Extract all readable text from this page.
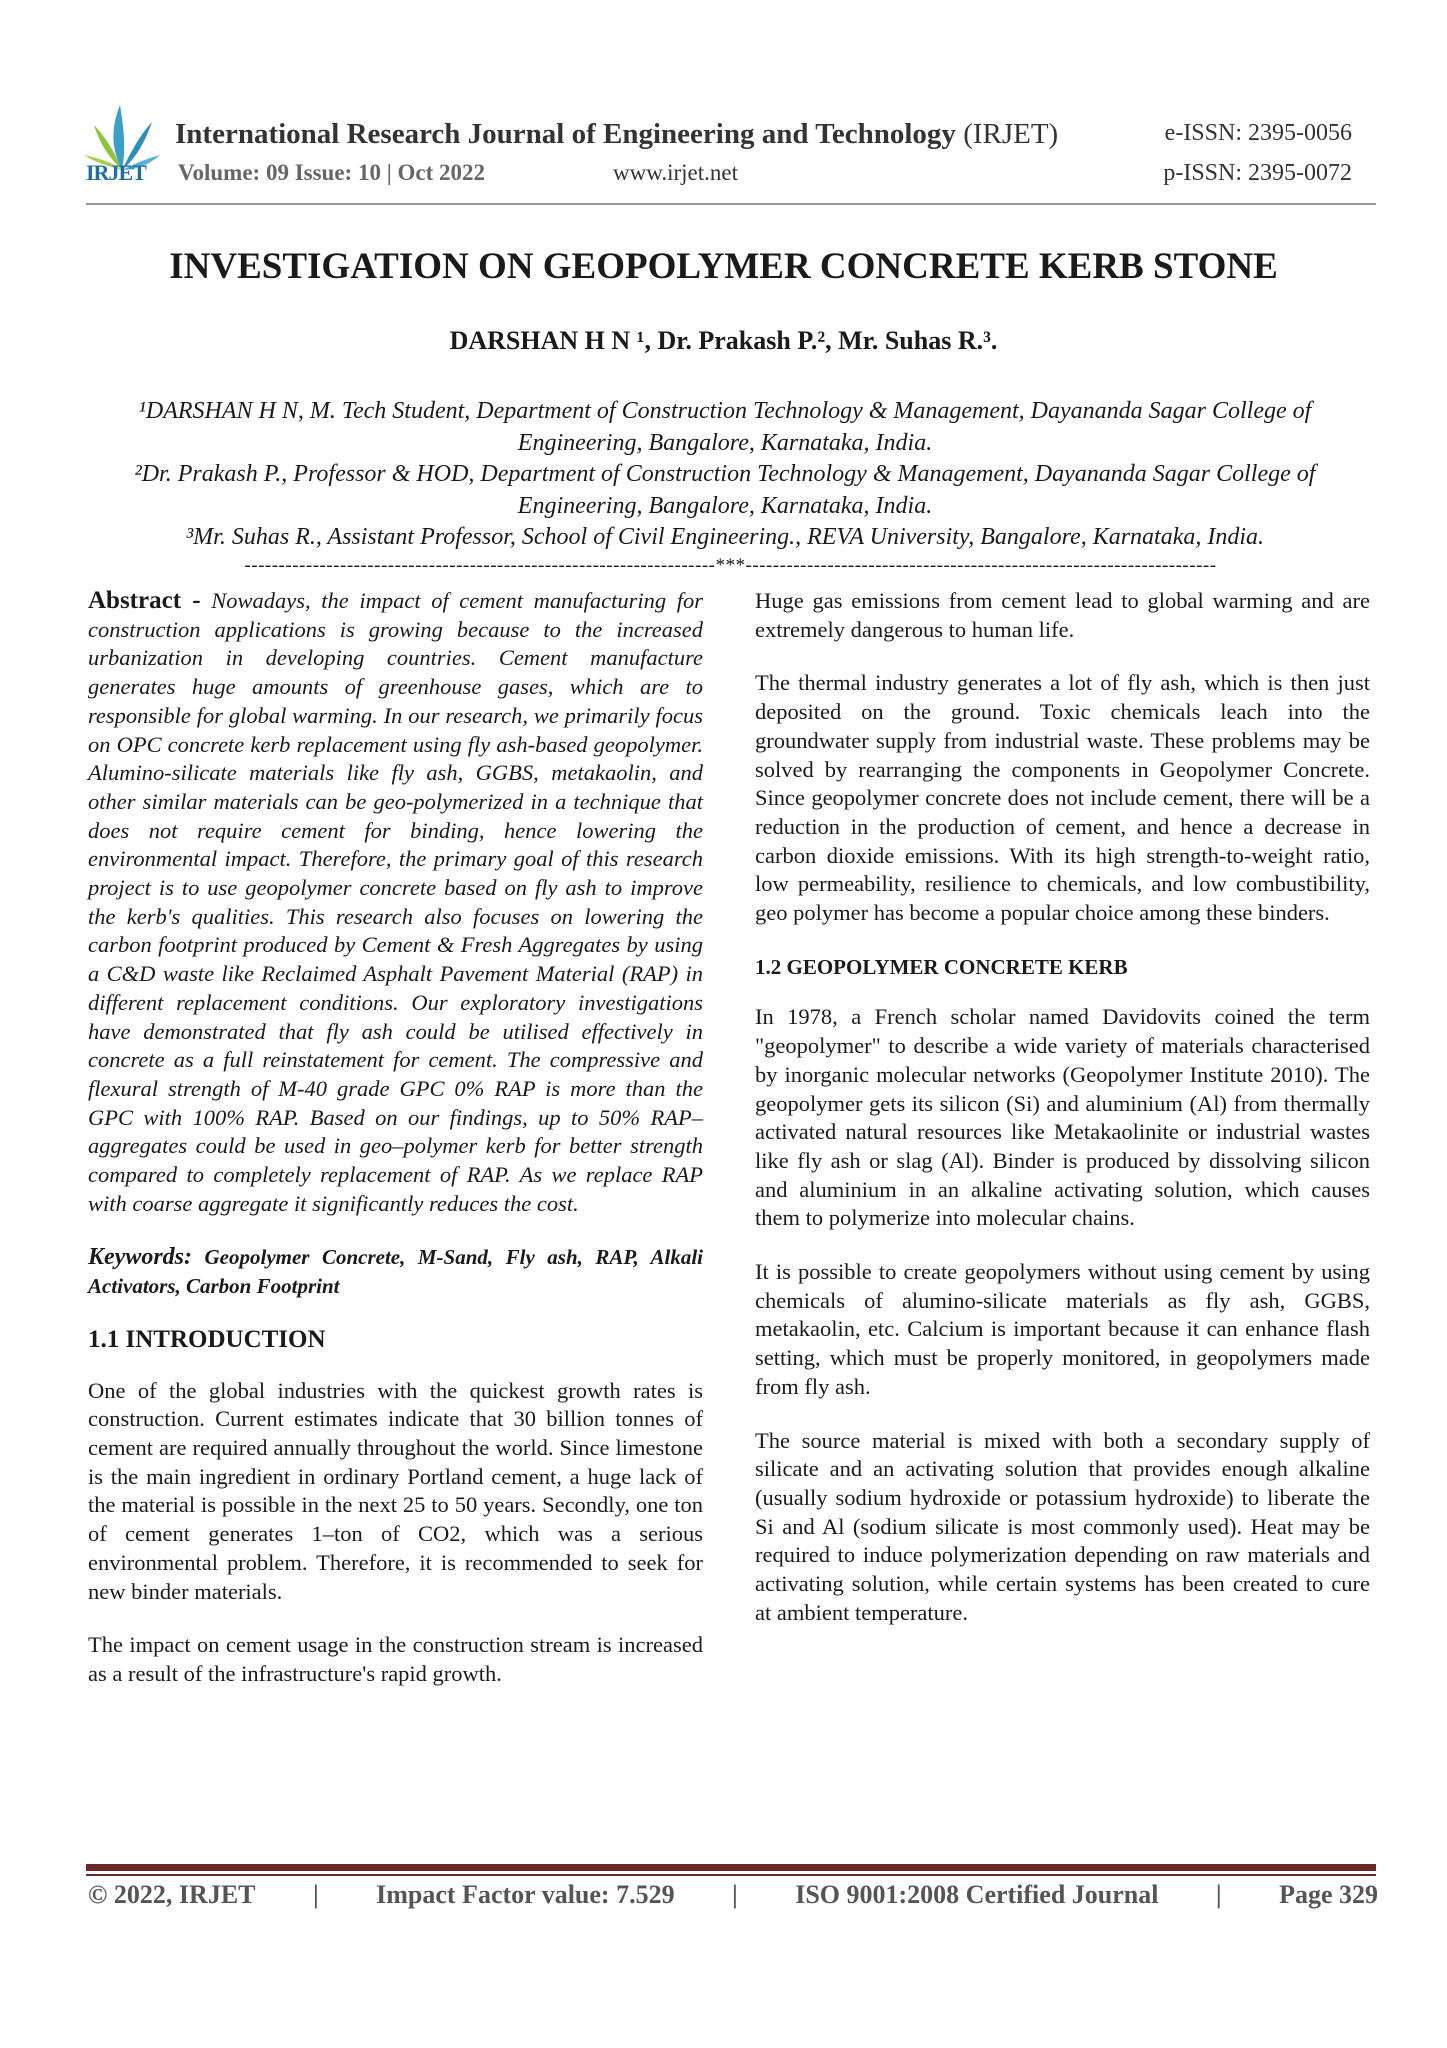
IRJET
International Research Journal of Engineering and Technology (IRJET)
Volume: 09 Issue: 10 | Oct 2022	www.irjet.net
e-ISSN: 2395-0056
p-ISSN: 2395-0072
INVESTIGATION ON GEOPOLYMER CONCRETE KERB STONE
DARSHAN H N ¹, Dr. Prakash P.², Mr. Suhas R.³.
¹DARSHAN H N, M. Tech Student, Department of Construction Technology & Management, Dayananda Sagar College of Engineering, Bangalore, Karnataka, India.
²Dr. Prakash P., Professor & HOD, Department of Construction Technology & Management, Dayananda Sagar College of Engineering, Bangalore, Karnataka, India.
³Mr. Suhas R., Assistant Professor, School of Civil Engineering., REVA University, Bangalore, Karnataka, India.
---------------------------------------------------------------------***---------------------------------------------------------------------

Abstract - Nowadays, the impact of cement manufacturing for construction applications is growing because to the increased urbanization in developing countries. Cement manufacture generates huge amounts of greenhouse gases, which are to responsible for global warming. In our research, we primarily focus on OPC concrete kerb replacement using fly ash-based geopolymer. Alumino-silicate materials like fly ash, GGBS, metakaolin, and other similar materials can be geo-polymerized in a technique that does not require cement for binding, hence lowering the environmental impact. Therefore, the primary goal of this research project is to use geopolymer concrete based on fly ash to improve the kerb's qualities. This research also focuses on lowering the carbon footprint produced by Cement & Fresh Aggregates by using a C&D waste like Reclaimed Asphalt Pavement Material (RAP) in different replacement conditions. Our exploratory investigations have demonstrated that fly ash could be utilised effectively in concrete as a full reinstatement for cement. The compressive and flexural strength of M-40 grade GPC 0% RAP is more than the GPC with 100% RAP. Based on our findings, up to 50% RAP–aggregates could be used in geo–polymer kerb for better strength compared to completely replacement of RAP. As we replace RAP with coarse aggregate it significantly reduces the cost.

Keywords: Geopolymer Concrete, M-Sand, Fly ash, RAP, Alkali Activators, Carbon Footprint

1.1 INTRODUCTION

One of the global industries with the quickest growth rates is construction. Current estimates indicate that 30 billion tonnes of cement are required annually throughout the world. Since limestone is the main ingredient in ordinary Portland cement, a huge lack of the material is possible in the next 25 to 50 years. Secondly, one ton of cement generates 1–ton of CO2, which was a serious environmental problem. Therefore, it is recommended to seek for new binder materials.

The impact on cement usage in the construction stream is increased as a result of the infrastructure's rapid growth.

Huge gas emissions from cement lead to global warming and are extremely dangerous to human life.

The thermal industry generates a lot of fly ash, which is then just deposited on the ground. Toxic chemicals leach into the groundwater supply from industrial waste. These problems may be solved by rearranging the components in Geopolymer Concrete. Since geopolymer concrete does not include cement, there will be a reduction in the production of cement, and hence a decrease in carbon dioxide emissions. With its high strength-to-weight ratio, low permeability, resilience to chemicals, and low combustibility, geo polymer has become a popular choice among these binders.

1.2 GEOPOLYMER CONCRETE KERB

In 1978, a French scholar named Davidovits coined the term "geopolymer" to describe a wide variety of materials characterised by inorganic molecular networks (Geopolymer Institute 2010). The geopolymer gets its silicon (Si) and aluminium (Al) from thermally activated natural resources like Metakaolinite or industrial wastes like fly ash or slag (Al). Binder is produced by dissolving silicon and aluminium in an alkaline activating solution, which causes them to polymerize into molecular chains.

It is possible to create geopolymers without using cement by using chemicals of alumino-silicate materials as fly ash, GGBS, metakaolin, etc. Calcium is important because it can enhance flash setting, which must be properly monitored, in geopolymers made from fly ash.

The source material is mixed with both a secondary supply of silicate and an activating solution that provides enough alkaline (usually sodium hydroxide or potassium hydroxide) to liberate the Si and Al (sodium silicate is most commonly used). Heat may be required to induce polymerization depending on raw materials and activating solution, while certain systems has been created to cure at ambient temperature.

© 2022, IRJET | Impact Factor value: 7.529 | ISO 9001:2008 Certified Journal | Page 329
